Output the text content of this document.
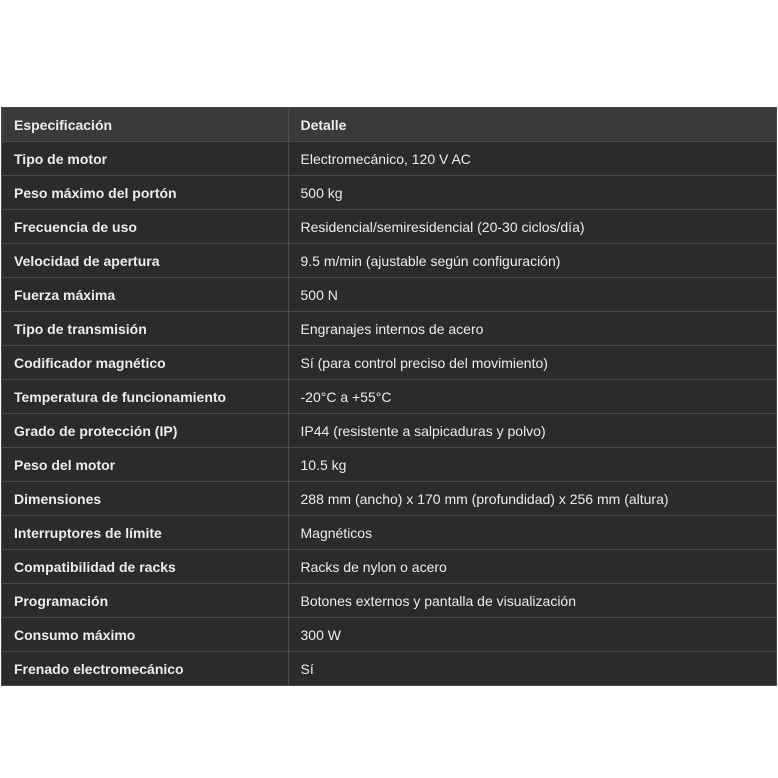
Especificación	Detalle
Tipo de motor	Electromecánico, 120 V AC
Peso máximo del portón	500 kg
Frecuencia de uso	Residencial/semiresidencial (20-30 ciclos/día)
Velocidad de apertura	9.5 m/min (ajustable según configuración)
Fuerza máxima	500 N
Tipo de transmisión	Engranajes internos de acero
Codificador magnético	Sí (para control preciso del movimiento)
Temperatura de funcionamiento	-20°C a +55°C
Grado de protección (IP)	IP44 (resistente a salpicaduras y polvo)
Peso del motor	10.5 kg
Dimensiones	288 mm (ancho) x 170 mm (profundidad) x 256 mm (altura)
Interruptores de límite	Magnéticos
Compatibilidad de racks	Racks de nylon o acero
Programación	Botones externos y pantalla de visualización
Consumo máximo	300 W
Frenado electromecánico	Sí
